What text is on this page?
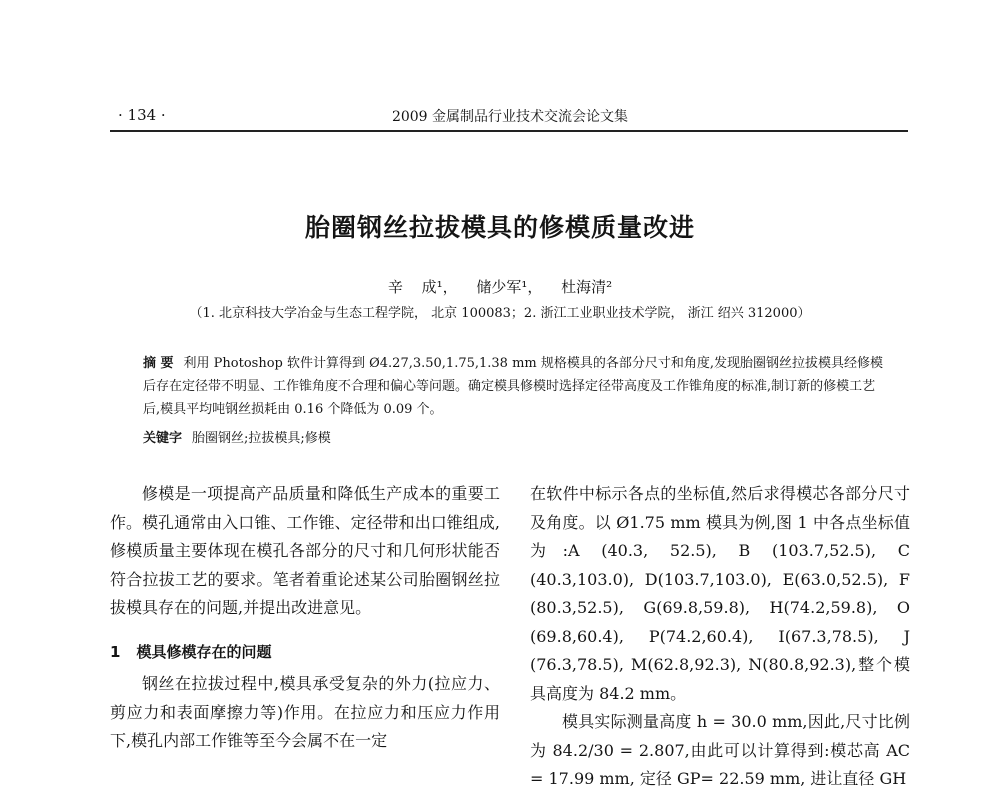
· 134 ·	2009 金属制品行业技术交流会论文集
胎圈钢丝拉拔模具的修模质量改进
辛 成¹， 储少军¹， 杜海清²
（1. 北京科技大学冶金与生态工程学院， 北京 100083；2. 浙江工业职业技术学院， 浙江 绍兴 312000）
摘 要 利用 Photoshop 软件计算得到 Ø4.27,3.50,1.75,1.38 mm 规格模具的各部分尺寸和角度,发现胎圈钢丝拉拔模具经修模后存在定径带不明显、工作锥角度不合理和偏心等问题。确定模具修模时选择定径带高度及工作锥角度的标准,制订新的修模工艺后,模具平均吨钢丝损耗由 0.16 个降低为 0.09 个。
关键字 胎圈钢丝;拉拔模具;修模

修模是一项提高产品质量和降低生产成本的重要工作。模孔通常由入口锥、工作锥、定径带和出口锥组成,修模质量主要体现在模孔各部分的尺寸和几何形状能否符合拉拔工艺的要求。笔者着重论述某公司胎圈钢丝拉拔模具存在的问题,并提出改进意见。

1 模具修模存在的问题

钢丝在拉拔过程中,模具承受复杂的外力(拉应力、剪应力和表面摩擦力等)作用。在拉应力和压应力作用下,模孔内部工作锥等至今会属不在一定

在软件中标示各点的坐标值,然后求得模芯各部分尺寸及角度。以 Ø1.75 mm 模具为例,图 1 中各点坐标值为:A (40.3, 52.5), B (103.7,52.5), C (40.3,103.0), D(103.7,103.0), E(63.0,52.5), F (80.3,52.5), G(69.8,59.8), H(74.2,59.8), O (69.8,60.4), P(74.2,60.4), I(67.3,78.5), J (76.3,78.5), M(62.8,92.3), N(80.8,92.3),整个模具高度为 84.2 mm。

模具实际测量高度 h = 30.0 mm,因此,尺寸比例为 84.2/30 = 2.807,由此可以计算得到:模芯高 AC = 17.99 mm, 定径 GP= 22.59 mm, 进让直径 GH
